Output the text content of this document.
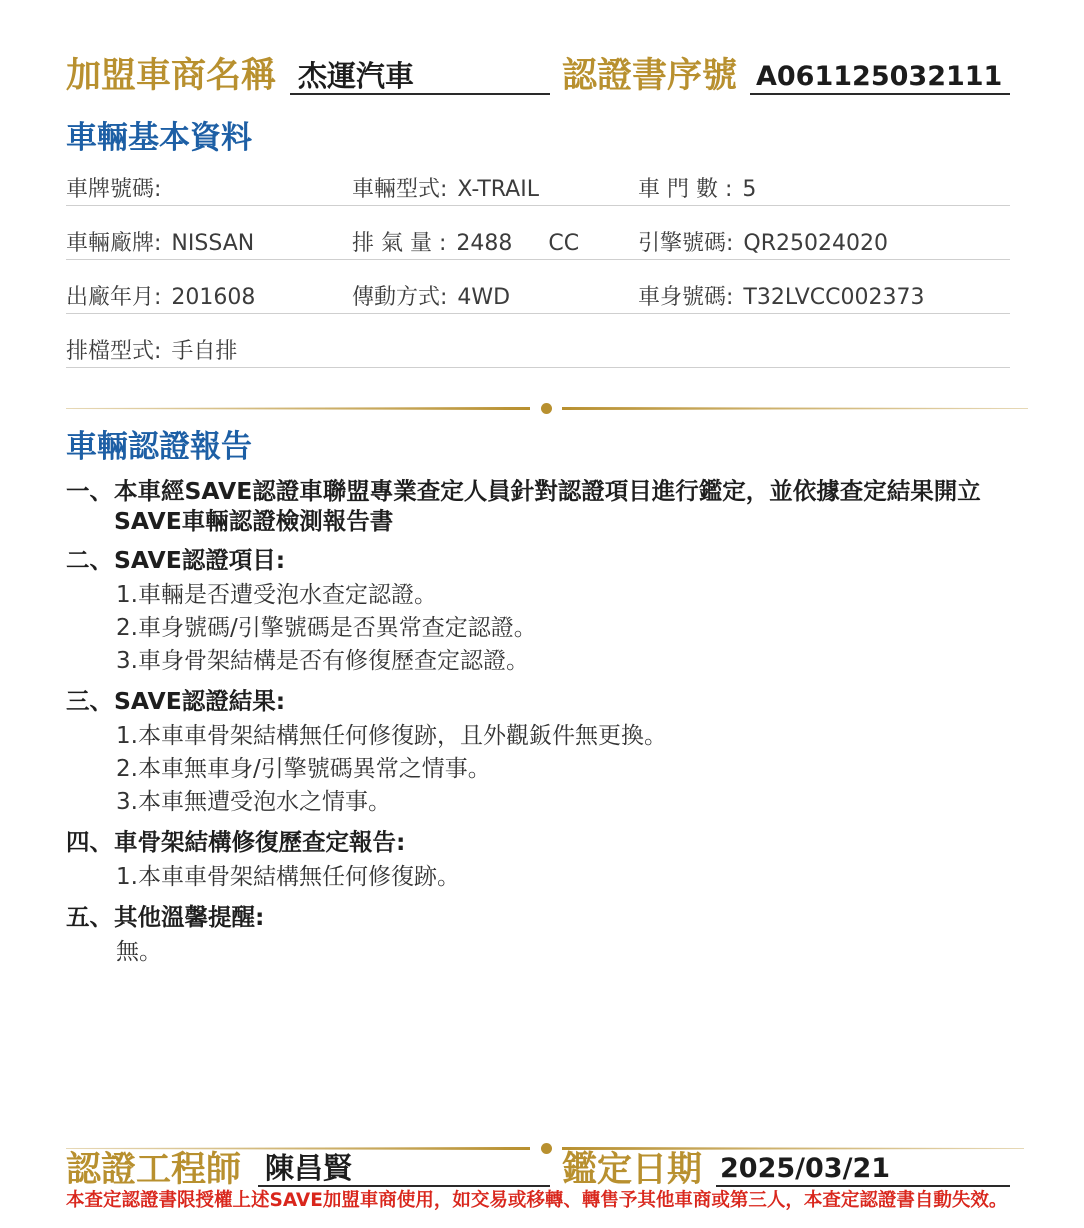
加盟車商名稱 杰運汽車	認證書序號 A061125032111
車輛基本資料
車牌號碼:	車輛型式: X-TRAIL	車 門 數 : 5
車輛廠牌: NISSAN	排 氣 量 : 2488 CC	引擎號碼: QR25024020
出廠年月: 201608	傳動方式: 4WD	車身號碼: T32LVCC002373
排檔型式: 手自排
車輛認證報告
一、 本車經SAVE認證車聯盟專業查定人員針對認證項目進行鑑定，並依據查定結果開立
SAVE車輛認證檢測報告書
二、 SAVE認證項目:
1.車輛是否遭受泡水查定認證。
2.車身號碼/引擎號碼是否異常查定認證。
3.車身骨架結構是否有修復歷查定認證。
三、 SAVE認證結果:
1.本車車骨架結構無任何修復跡，且外觀鈑件無更換。
2.本車無車身/引擎號碼異常之情事。
3.本車無遭受泡水之情事。
四、 車骨架結構修復歷查定報告:
1.本車車骨架結構無任何修復跡。
五、 其他溫馨提醒:
無。
認證工程師 陳昌賢	鑑定日期 2025/03/21
本查定認證書限授權上述SAVE加盟車商使用，如交易或移轉、轉售予其他車商或第三人，本查定認證書自動失效。
